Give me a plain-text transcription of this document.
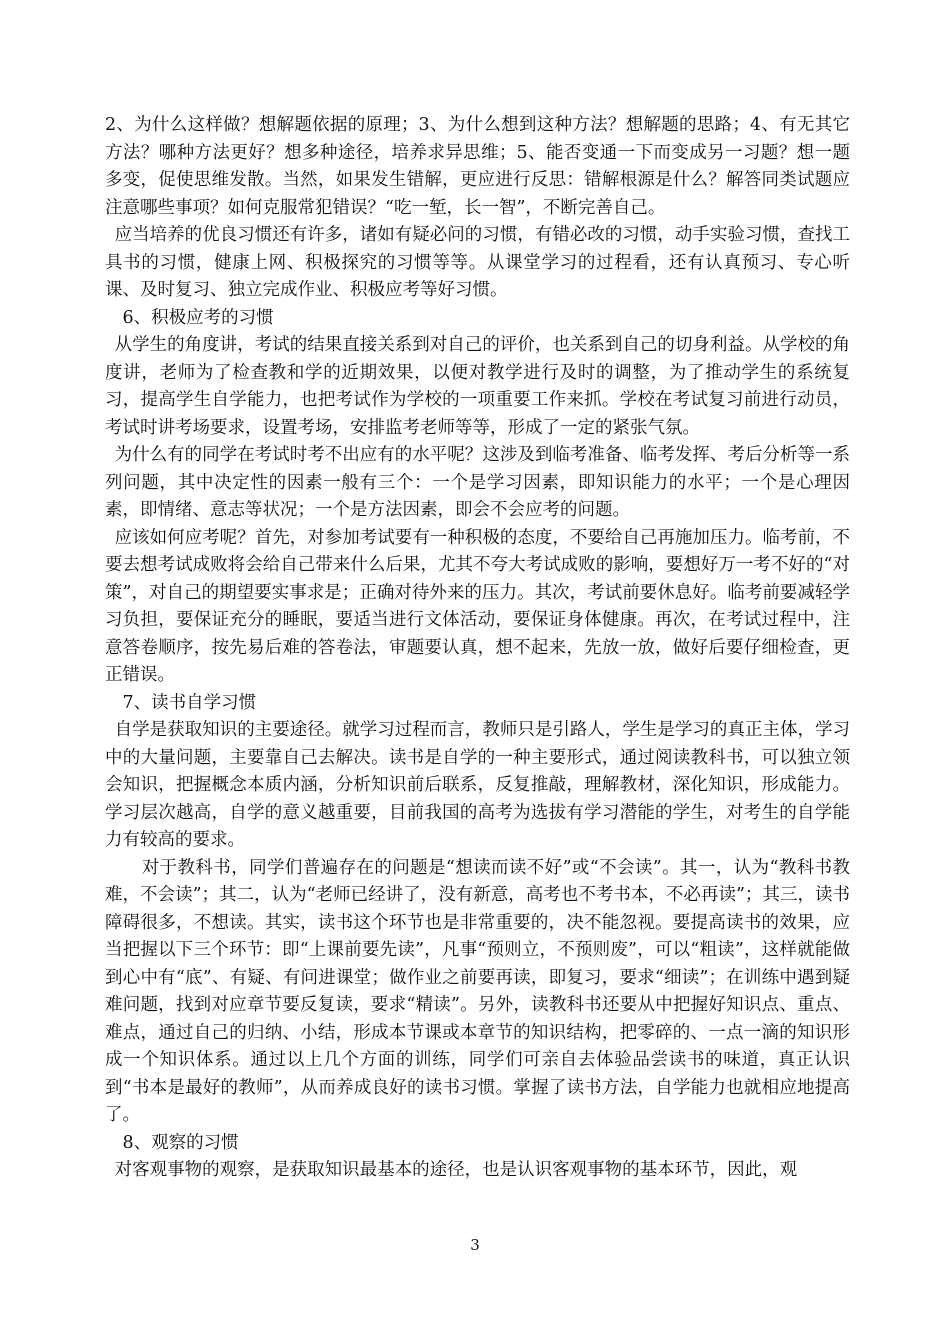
2、为什么这样做？想解题依据的原理；3、为什么想到这种方法？想解题的思路；4、有无其它方法？哪种方法更好？想多种途径，培养求异思维；5、能否变通一下而变成另一习题？想一题多变，促使思维发散。当然，如果发生错解，更应进行反思：错解根源是什么？解答同类试题应注意哪些事项？如何克服常犯错误？“吃一堑，长一智”，不断完善自己。

应当培养的优良习惯还有许多，诸如有疑必问的习惯，有错必改的习惯，动手实验习惯，查找工具书的习惯，健康上网、积极探究的习惯等等。从课堂学习的过程看，还有认真预习、专心听课、及时复习、独立完成作业、积极应考等好习惯。

6、积极应考的习惯

从学生的角度讲，考试的结果直接关系到对自己的评价，也关系到自己的切身利益。从学校的角度讲，老师为了检查教和学的近期效果，以便对教学进行及时的调整，为了推动学生的系统复习，提高学生自学能力，也把考试作为学校的一项重要工作来抓。学校在考试复习前进行动员，考试时讲考场要求，设置考场，安排监考老师等等，形成了一定的紧张气氛。

为什么有的同学在考试时考不出应有的水平呢？这涉及到临考准备、临考发挥、考后分析等一系列问题，其中决定性的因素一般有三个：一个是学习因素，即知识能力的水平；一个是心理因素，即情绪、意志等状况；一个是方法因素，即会不会应考的问题。

应该如何应考呢？首先，对参加考试要有一种积极的态度，不要给自己再施加压力。临考前，不要去想考试成败将会给自己带来什么后果，尤其不夸大考试成败的影响，要想好万一考不好的“对策”，对自己的期望要实事求是；正确对待外来的压力。其次，考试前要休息好。临考前要减轻学习负担，要保证充分的睡眠，要适当进行文体活动，要保证身体健康。再次，在考试过程中，注意答卷顺序，按先易后难的答卷法，审题要认真，想不起来，先放一放，做好后要仔细检查，更正错误。

7、读书自学习惯

自学是获取知识的主要途径。就学习过程而言，教师只是引路人，学生是学习的真正主体，学习中的大量问题，主要靠自己去解决。读书是自学的一种主要形式，通过阅读教科书，可以独立领会知识，把握概念本质内涵，分析知识前后联系，反复推敲，理解教材，深化知识，形成能力。学习层次越高，自学的意义越重要，目前我国的高考为选拔有学习潜能的学生，对考生的自学能力有较高的要求。

对于教科书，同学们普遍存在的问题是“想读而读不好”或“不会读”。其一，认为“教科书教难，不会读”；其二，认为“老师已经讲了，没有新意，高考也不考书本，不必再读”；其三，读书障碍很多，不想读。其实，读书这个环节也是非常重要的，决不能忽视。要提高读书的效果，应当把握以下三个环节：即“上课前要先读”，凡事“预则立，不预则废”，可以“粗读”，这样就能做到心中有“底”、有疑、有问进课堂；做作业之前要再读，即复习，要求“细读”；在训练中遇到疑难问题，找到对应章节要反复读，要求“精读”。另外，读教科书还要从中把握好知识点、重点、难点，通过自己的归纳、小结，形成本节课或本章节的知识结构，把零碎的、一点一滴的知识形成一个知识体系。通过以上几个方面的训练，同学们可亲自去体验品尝读书的味道，真正认识到“书本是最好的教师”，从而养成良好的读书习惯。掌握了读书方法，自学能力也就相应地提高了。

8、观察的习惯

对客观事物的观察，是获取知识最基本的途径，也是认识客观事物的基本环节，因此，观

3
